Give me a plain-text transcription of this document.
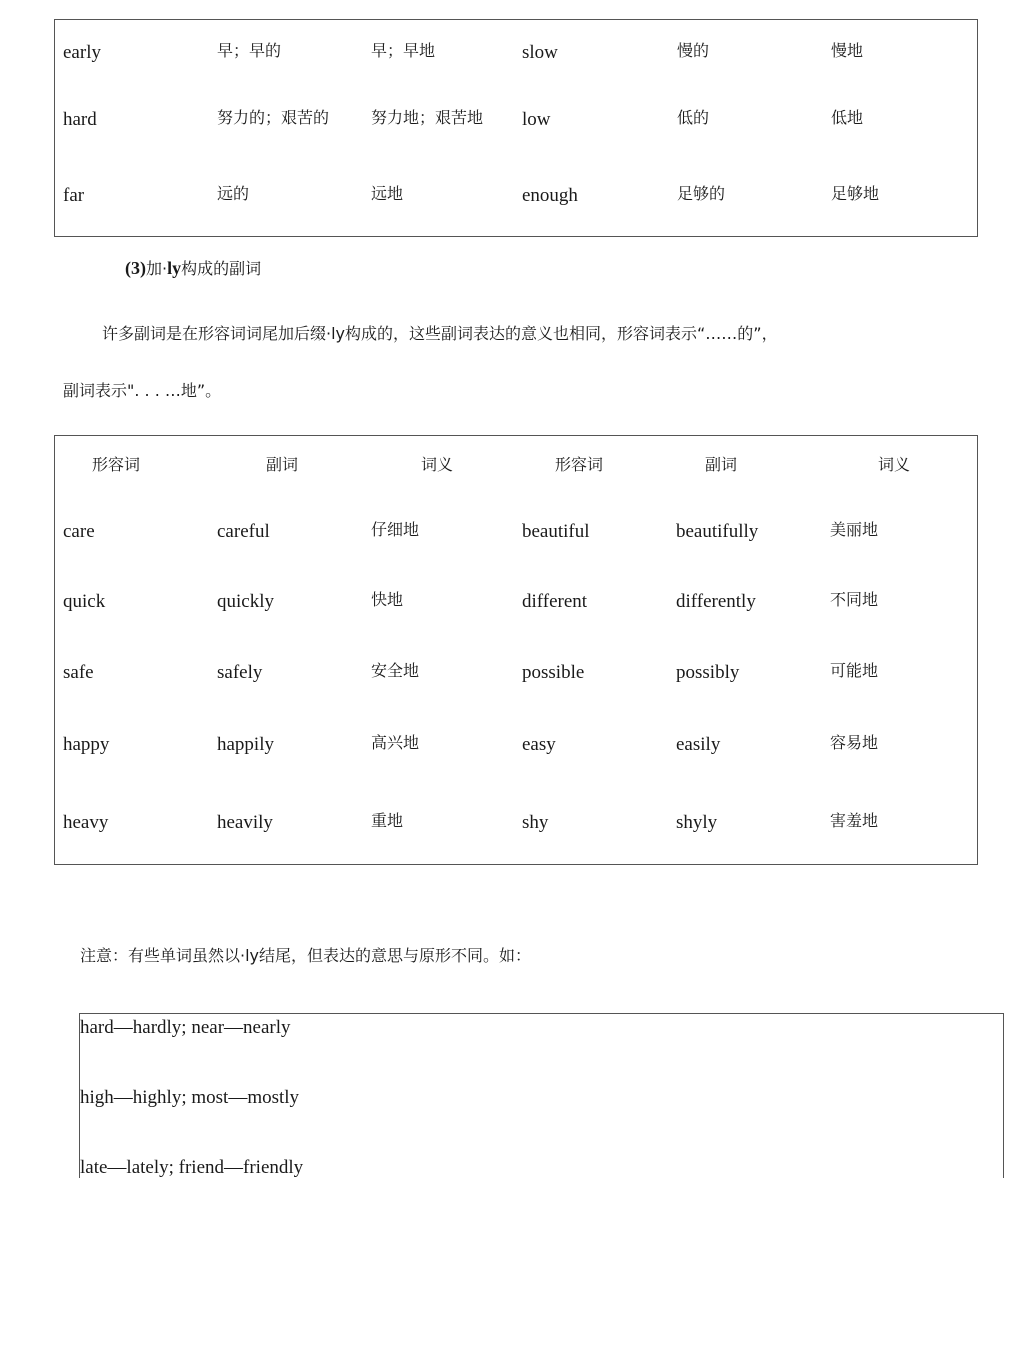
early	早；早的	早；早地	slow	慢的	慢地
hard	努力的；艰苦的	努力地；艰苦地 low	低的	低地
far	远的	远地	enough	足够的	足够地
(3)加·ly构成的副词
许多副词是在形容词词尾加后缀·ly构成的，这些副词表达的意义也相同，形容词表示“……的”，
副词表示". . . …地”。
形容词	副词	词义	形容词	副词	词义
care	careful	仔细地	beautiful	beautifully	美丽地
quick	quickly	快地	different	differently	不同地
safe	safely	安全地	possible	possibly	可能地
happy	happily	高兴地	easy	easily	容易地
heavy	heavily	重地	shy	shyly	害羞地
注意：有些单词虽然以·ly结尾，但表达的意思与原形不同。如：
hard—hardly; near—nearly
high—highly; most—mostly
late—lately; friend—friendly
